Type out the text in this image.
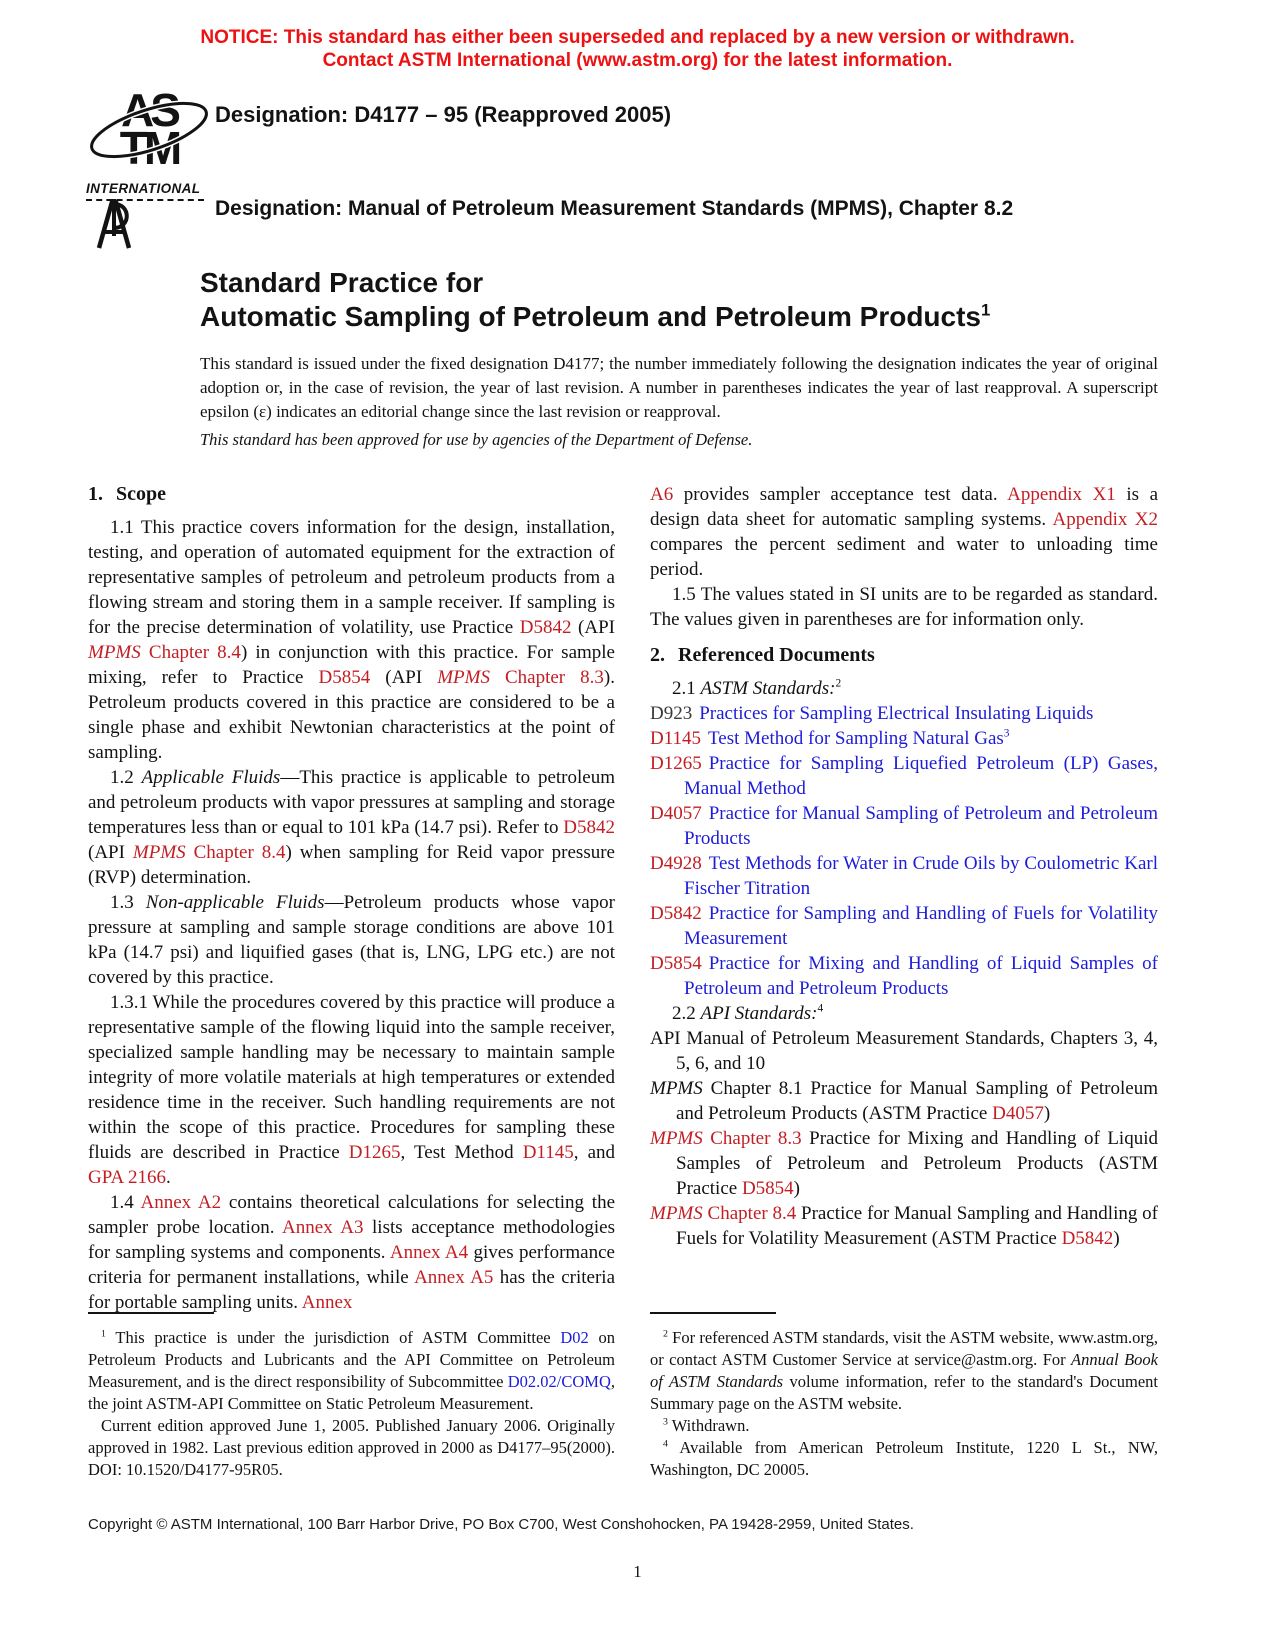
NOTICE: This standard has either been superseded and replaced by a new version or withdrawn.
Contact ASTM International (www.astm.org) for the latest information.
AS
TM
INTERNATIONAL
Designation: D4177 – 95 (Reapproved 2005)
Designation: Manual of Petroleum Measurement Standards (MPMS), Chapter 8.2
Standard Practice for
Automatic Sampling of Petroleum and Petroleum Products$^1$

This standard is issued under the fixed designation D4177; the number immediately following the designation indicates the year of original adoption or, in the case of revision, the year of last revision. A number in parentheses indicates the year of last reapproval. A superscript epsilon (ε) indicates an editorial change since the last revision or reapproval.

This standard has been approved for use by agencies of the Department of Defense.

1. Scope

1.1 This practice covers information for the design, installation, testing, and operation of automated equipment for the extraction of representative samples of petroleum and petroleum products from a flowing stream and storing them in a sample receiver. If sampling is for the precise determination of volatility, use Practice D5842 (API MPMS Chapter 8.4) in conjunction with this practice. For sample mixing, refer to Practice D5854 (API MPMS Chapter 8.3). Petroleum products covered in this practice are considered to be a single phase and exhibit Newtonian characteristics at the point of sampling.

1.2 Applicable Fluids—This practice is applicable to petroleum and petroleum products with vapor pressures at sampling and storage temperatures less than or equal to 101 kPa (14.7 psi). Refer to D5842 (API MPMS Chapter 8.4) when sampling for Reid vapor pressure (RVP) determination.

1.3 Non-applicable Fluids—Petroleum products whose vapor pressure at sampling and sample storage conditions are above 101 kPa (14.7 psi) and liquified gases (that is, LNG, LPG etc.) are not covered by this practice.

1.3.1 While the procedures covered by this practice will produce a representative sample of the flowing liquid into the sample receiver, specialized sample handling may be necessary to maintain sample integrity of more volatile materials at high temperatures or extended residence time in the receiver. Such handling requirements are not within the scope of this practice. Procedures for sampling these fluids are described in Practice D1265, Test Method D1145, and GPA 2166.

1.4 Annex A2 contains theoretical calculations for selecting the sampler probe location. Annex A3 lists acceptance methodologies for sampling systems and components. Annex A4 gives performance criteria for permanent installations, while Annex A5 has the criteria for portable sampling units. Annex

A6 provides sampler acceptance test data. Appendix X1 is a design data sheet for automatic sampling systems. Appendix X2 compares the percent sediment and water to unloading time period.

1.5 The values stated in SI units are to be regarded as standard. The values given in parentheses are for information only.

2. Referenced Documents

2.1 ASTM Standards:$^2$

D923 Practices for Sampling Electrical Insulating Liquids

D1145 Test Method for Sampling Natural Gas$^3$

D1265 Practice for Sampling Liquefied Petroleum (LP) Gases, Manual Method

D4057 Practice for Manual Sampling of Petroleum and Petroleum Products

D4928 Test Methods for Water in Crude Oils by Coulometric Karl Fischer Titration

D5842 Practice for Sampling and Handling of Fuels for Volatility Measurement

D5854 Practice for Mixing and Handling of Liquid Samples of Petroleum and Petroleum Products

2.2 API Standards:$^4$

API Manual of Petroleum Measurement Standards, Chapters 3, 4, 5, 6, and 10

MPMS Chapter 8.1 Practice for Manual Sampling of Petroleum and Petroleum Products (ASTM Practice D4057)

MPMS Chapter 8.3 Practice for Mixing and Handling of Liquid Samples of Petroleum and Petroleum Products (ASTM Practice D5854)

MPMS Chapter 8.4 Practice for Manual Sampling and Handling of Fuels for Volatility Measurement (ASTM Practice D5842)

$^1$ This practice is under the jurisdiction of ASTM Committee D02 on Petroleum Products and Lubricants and the API Committee on Petroleum Measurement, and is the direct responsibility of Subcommittee D02.02/COMQ, the joint ASTM-API Committee on Static Petroleum Measurement.

Current edition approved June 1, 2005. Published January 2006. Originally approved in 1982. Last previous edition approved in 2000 as D4177–95(2000). DOI: 10.1520/D4177-95R05.

$^2$ For referenced ASTM standards, visit the ASTM website, www.astm.org, or contact ASTM Customer Service at service@astm.org. For Annual Book of ASTM Standards volume information, refer to the standard's Document Summary page on the ASTM website.

$^3$ Withdrawn.

$^4$ Available from American Petroleum Institute, 1220 L St., NW, Washington, DC 20005.

Copyright © ASTM International, 100 Barr Harbor Drive, PO Box C700, West Conshohocken, PA 19428-2959, United States.
1
